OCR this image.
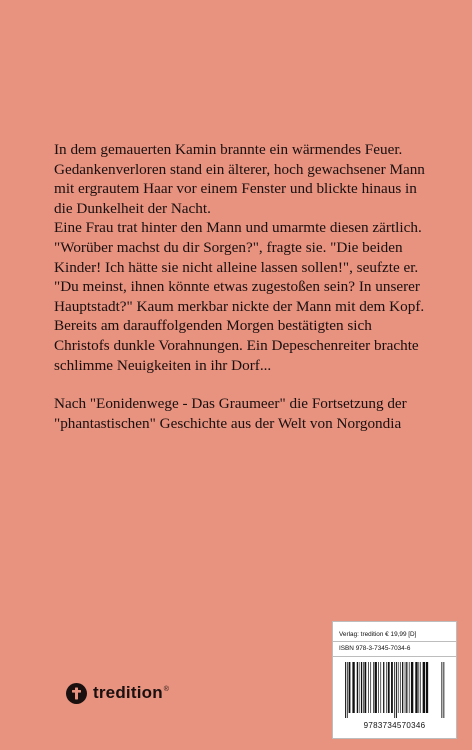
In dem gemauerten Kamin brannte ein wärmendes Feuer. Gedankenverloren stand ein älterer, hoch gewachsener Mann mit ergrautem Haar vor einem Fenster und blickte hinaus in die Dunkelheit der Nacht.

Eine Frau trat hinter den Mann und umarmte diesen zärtlich. "Worüber machst du dir Sorgen?", fragte sie. "Die beiden Kinder! Ich hätte sie nicht alleine lassen sollen!", seufzte er. "Du meinst, ihnen könnte etwas zugestoßen sein? In unserer Hauptstadt?" Kaum merkbar nickte der Mann mit dem Kopf.

Bereits am darauffolgenden Morgen bestätigten sich Christofs dunkle Vorahnungen. Ein Depeschenreiter brachte schlimme Neuigkeiten in ihr Dorf...

Nach "Eonidenwege - Das Graumeer" die Fortsetzung der "phantastischen" Geschichte aus der Welt von Norgondia

Verlag: tredition € 19,99 [D]
ISBN 978-3-7345-7034-6
9783734570346
tredition®
